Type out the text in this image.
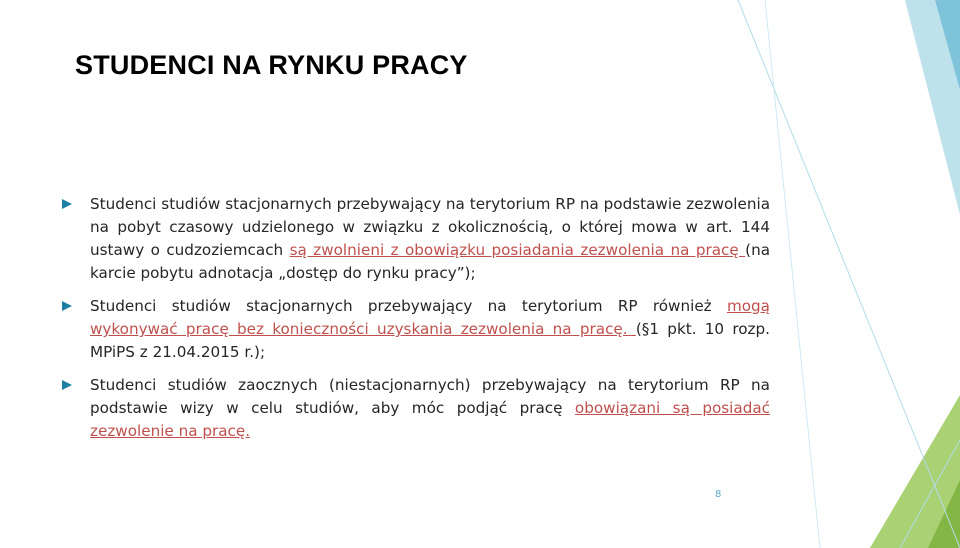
STUDENCI NA RYNKU PRACY
Studenci studiów stacjonarnych przebywający na terytorium RP na podstawie zezwolenia na pobyt czasowy udzielonego w związku z okolicznością, o której mowa w art. 144 ustawy o cudzoziemcach są zwolnieni z obowiązku posiadania zezwolenia na pracę (na karcie pobytu adnotacja „dostęp do rynku pracy”);
Studenci studiów stacjonarnych przebywający na terytorium RP również mogą wykonywać pracę bez konieczności uzyskania zezwolenia na pracę. (§1 pkt. 10 rozp. MPiPS z 21.04.2015 r.);
Studenci studiów zaocznych (niestacjonarnych) przebywający na terytorium RP na podstawie wizy w celu studiów, aby móc podjąć pracę obowiązani są posiadać zezwolenie na pracę.
8
